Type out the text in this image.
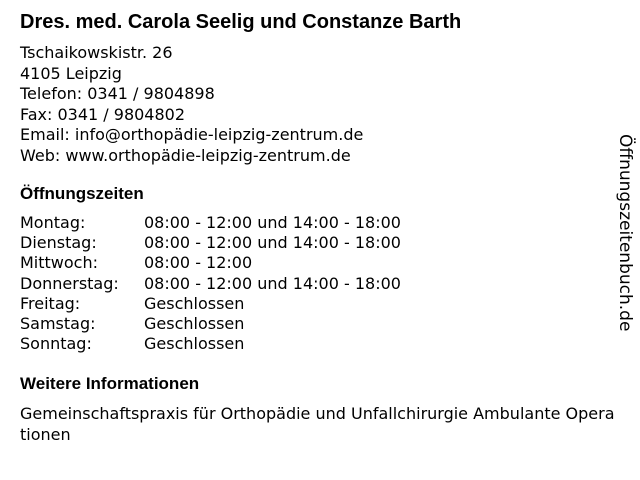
Dres. med. Carola Seelig und Constanze Barth
Tschaikowskistr. 26
4105 Leipzig
Telefon: 0341 / 9804898
Fax: 0341 / 9804802
Email: info@orthopädie-leipzig-zentrum.de
Web: www.orthopädie-leipzig-zentrum.de
Öffnungszeiten
Montag:	08:00 - 12:00 und 14:00 - 18:00
Dienstag:	08:00 - 12:00 und 14:00 - 18:00
Mittwoch:	08:00 - 12:00
Donnerstag:	08:00 - 12:00 und 14:00 - 18:00
Freitag:	Geschlossen
Samstag:	Geschlossen
Sonntag:	Geschlossen
Weitere Informationen
Gemeinschaftspraxis für Orthopädie und Unfallchirurgie Ambulante Operationen
Öffnungszeitenbuch.de
